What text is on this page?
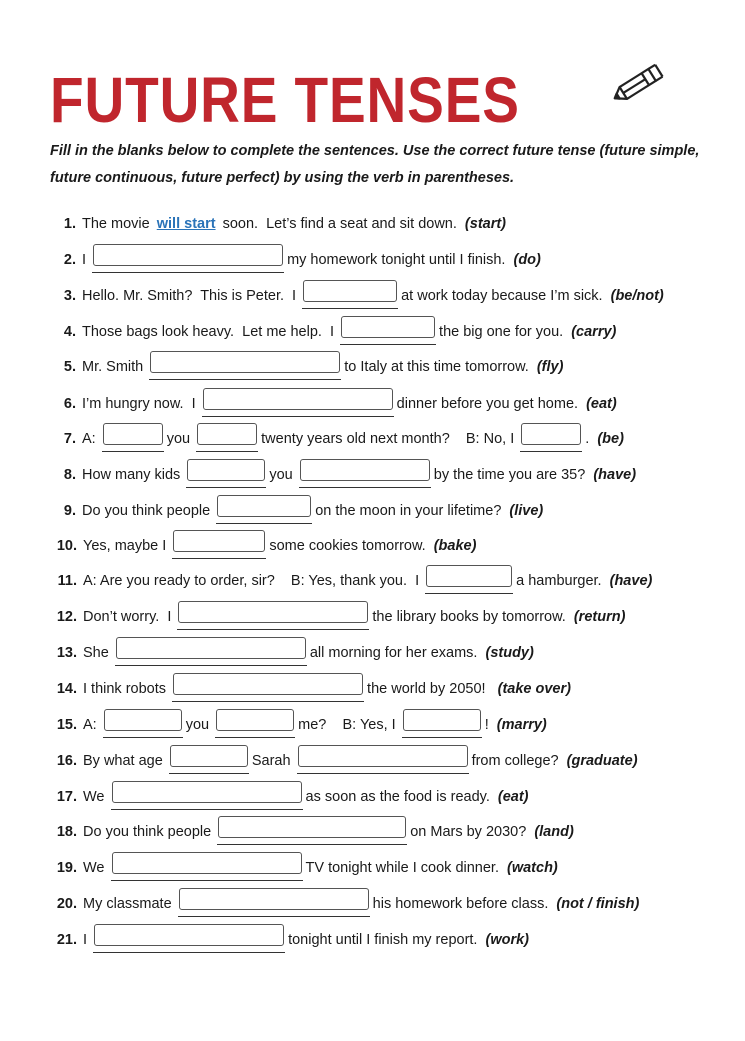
FUTURE TENSES

Fill in the blanks below to complete the sentences. Use the correct future tense (future simple, future continuous, future perfect) by using the verb in parentheses.

1. The movie will start soon.  Let’s find a seat and sit down. (start)
2. I	my homework tonight until I finish. (do)
3. Hello. Mr. Smith?  This is Peter.  I	at work today because I’m sick. (be/not)
4. Those bags look heavy.  Let me help.  I	the big one for you. (carry)
5. Mr. Smith	to Italy at this time tomorrow. (fly)
6. I’m hungry now.  I	dinner before you get home. (eat)
7. A:	you	twenty years old next month?    B: No, I	. (be)
8. How many kids	you	by the time you are 35? (have)
9. Do you think people	on the moon in your lifetime? (live)
10. Yes, maybe I	some cookies tomorrow. (bake)
11. A: Are you ready to order, sir?    B: Yes, thank you.  I	a hamburger. (have)
12. Don’t worry.  I	the library books by tomorrow. (return)
13. She	all morning for her exams. (study)
14. I think robots	the world by 2050! (take over)
15. A:	you	me?    B: Yes, I	! (marry)
16. By what age	Sarah	from college? (graduate)
17. We	as soon as the food is ready. (eat)
18. Do you think people	on Mars by 2030? (land)
19. We	TV tonight while I cook dinner. (watch)
20. My classmate	his homework before class. (not / finish)
21. I	tonight until I finish my report. (work)
